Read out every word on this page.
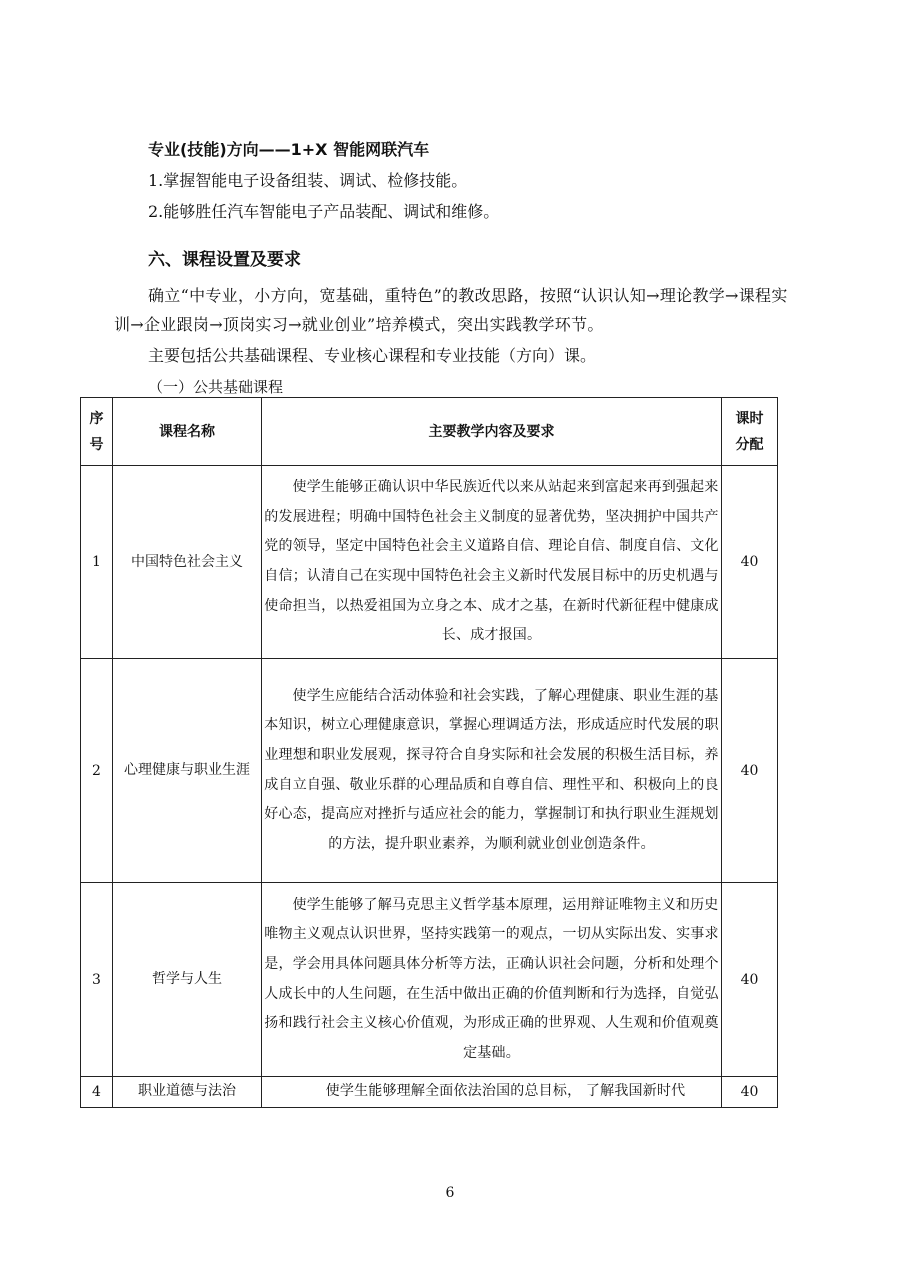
专业(技能)方向——1+X 智能网联汽车
1.掌握智能电子设备组装、调试、检修技能。
2.能够胜任汽车智能电子产品装配、调试和维修。
六、课程设置及要求
确立“中专业，小方向，宽基础，重特色”的教改思路，按照“认识认知→理论教学→课程实训→企业跟岗→顶岗实习→就业创业”培养模式，突出实践教学环节。
主要包括公共基础课程、专业核心课程和专业技能（方向）课。
（一）公共基础课程
序号	课程名称	主要教学内容及要求	课时分配
1	中国特色社会主义	使学生能够正确认识中华民族近代以来从站起来到富起来再到强起来的发展进程；明确中国特色社会主义制度的显著优势，坚决拥护中国共产党的领导，坚定中国特色社会主义道路自信、理论自信、制度自信、文化自信；认清自己在实现中国特色社会主义新时代发展目标中的历史机遇与使命担当，以热爱祖国为立身之本、成才之基，在新时代新征程中健康成长、成才报国。	40
2	心理健康与职业生涯	使学生应能结合活动体验和社会实践，了解心理健康、职业生涯的基本知识，树立心理健康意识，掌握心理调适方法，形成适应时代发展的职业理想和职业发展观，探寻符合自身实际和社会发展的积极生活目标，养成自立自强、敬业乐群的心理品质和自尊自信、理性平和、积极向上的良好心态，提高应对挫折与适应社会的能力，掌握制订和执行职业生涯规划的方法，提升职业素养，为顺利就业创业创造条件。	40
3	哲学与人生	使学生能够了解马克思主义哲学基本原理，运用辩证唯物主义和历史唯物主义观点认识世界，坚持实践第一的观点，一切从实际出发、实事求是，学会用具体问题具体分析等方法，正确认识社会问题，分析和处理个人成长中的人生问题，在生活中做出正确的价值判断和行为选择，自觉弘扬和践行社会主义核心价值观，为形成正确的世界观、人生观和价值观奠定基础。	40
4	职业道德与法治	使学生能够理解全面依法治国的总目标， 了解我国新时代	40
6
